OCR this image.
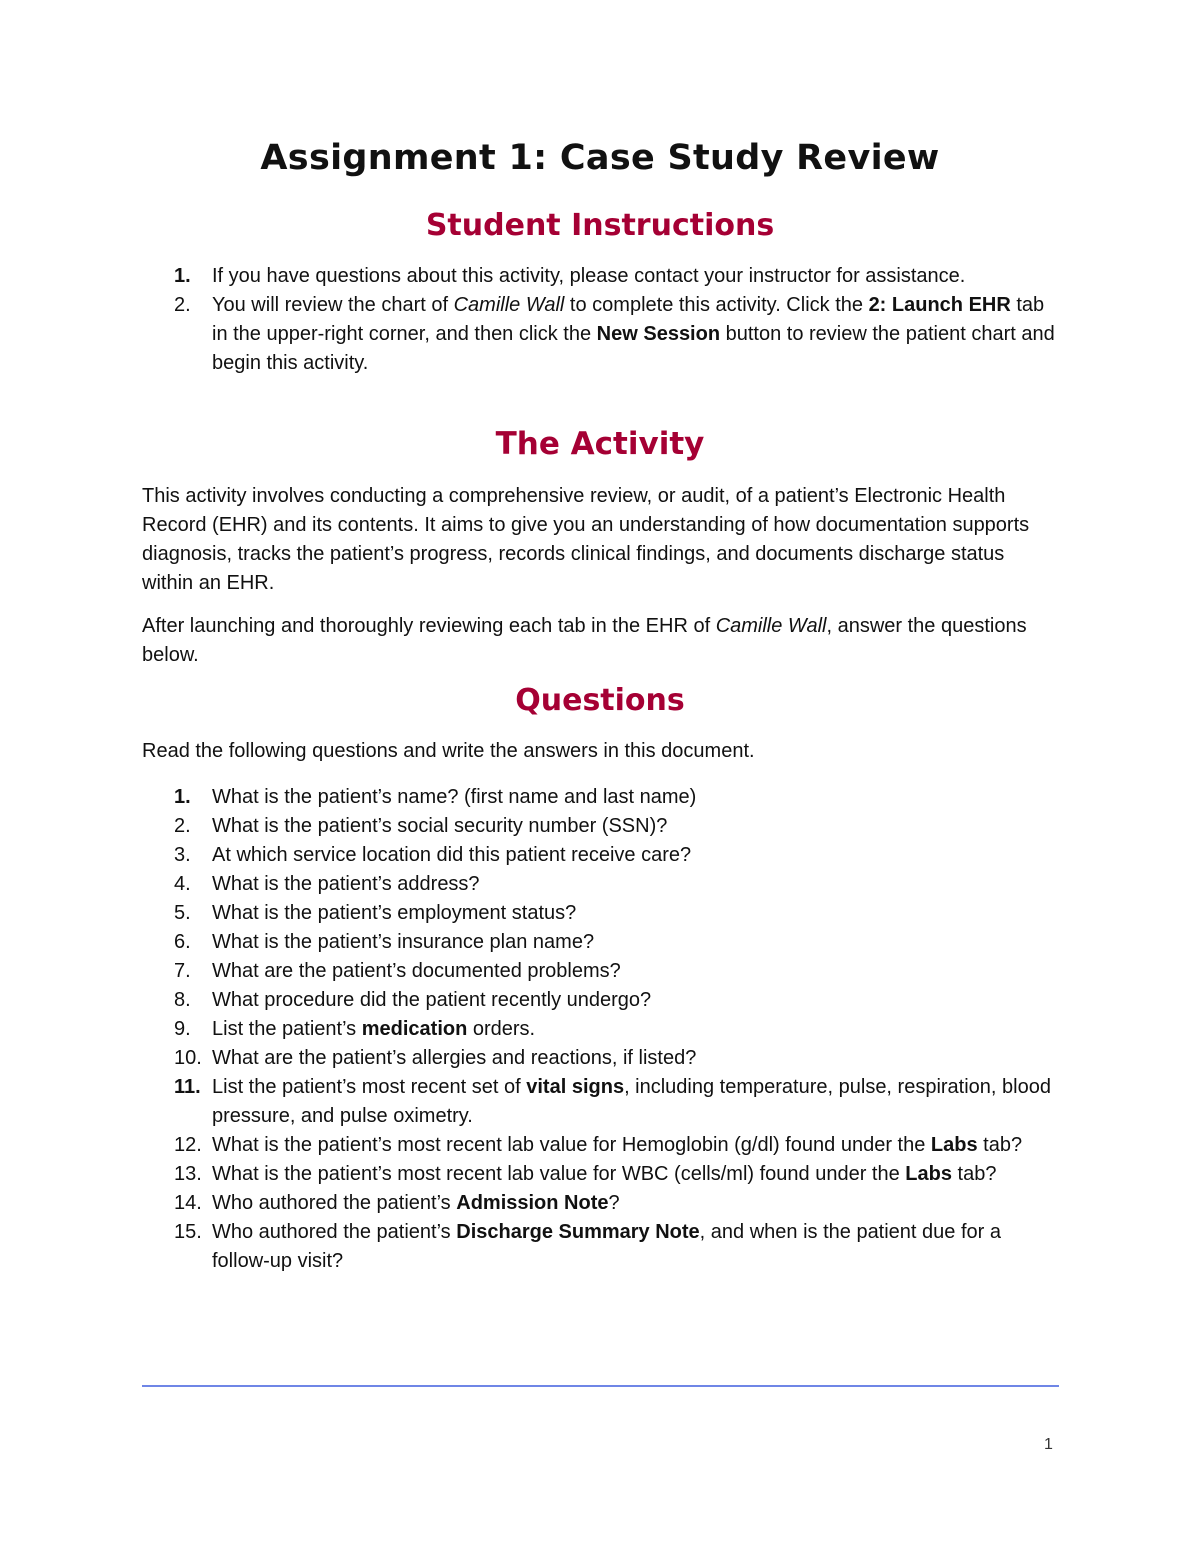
Assignment 1: Case Study Review
Student Instructions
1. If you have questions about this activity, please contact your instructor for assistance.
2. You will review the chart of Camille Wall to complete this activity. Click the 2: Launch EHR tab in the upper-right corner, and then click the New Session button to review the patient chart and begin this activity.
The Activity

This activity involves conducting a comprehensive review, or audit, of a patient’s Electronic Health Record (EHR) and its contents. It aims to give you an understanding of how documentation supports diagnosis, tracks the patient’s progress, records clinical findings, and documents discharge status within an EHR.

After launching and thoroughly reviewing each tab in the EHR of Camille Wall, answer the questions below.

Questions

Read the following questions and write the answers in this document.

1. What is the patient’s name? (first name and last name)
2. What is the patient’s social security number (SSN)?
3. At which service location did this patient receive care?
4. What is the patient’s address?
5. What is the patient’s employment status?
6. What is the patient’s insurance plan name?
7. What are the patient’s documented problems?
8. What procedure did the patient recently undergo?
9. List the patient’s medication orders.
10. What are the patient’s allergies and reactions, if listed?
11. List the patient’s most recent set of vital signs, including temperature, pulse, respiration, blood pressure, and pulse oximetry.
12. What is the patient’s most recent lab value for Hemoglobin (g/dl) found under the Labs tab?
13. What is the patient’s most recent lab value for WBC (cells/ml) found under the Labs tab?
14. Who authored the patient’s Admission Note?
15. Who authored the patient’s Discharge Summary Note, and when is the patient due for a follow-up visit?
1
